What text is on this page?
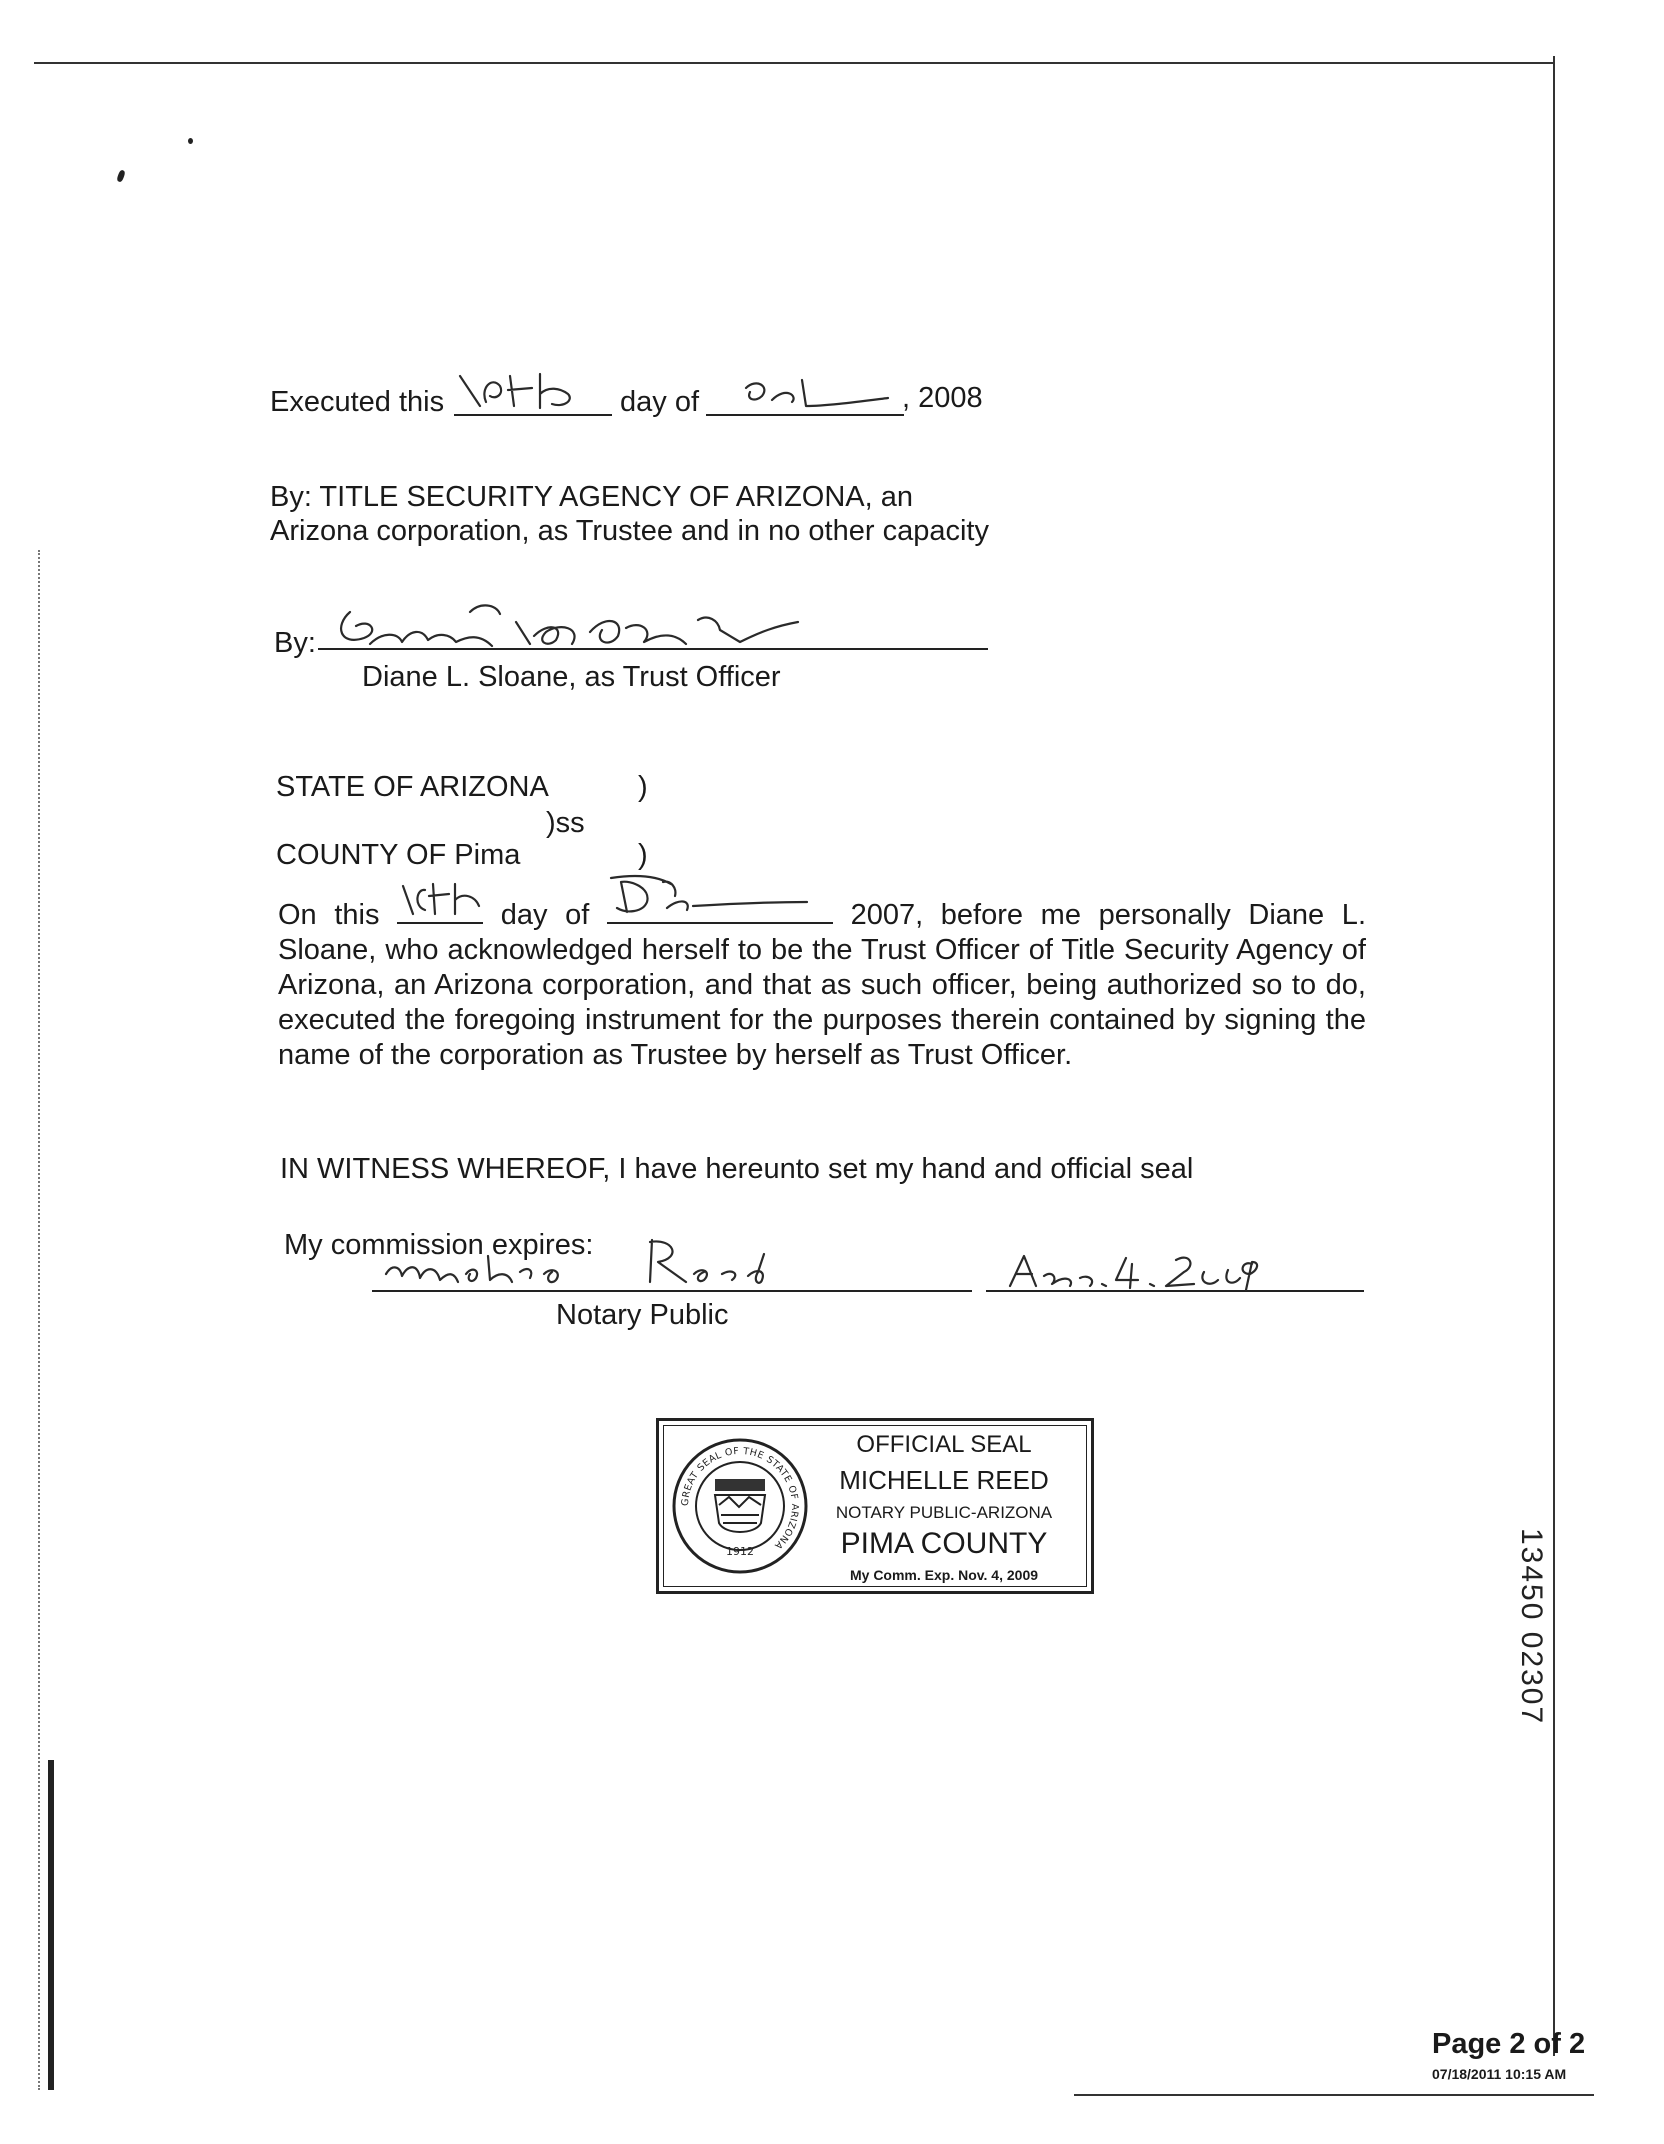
Executed this	day of	, 2008
By: TITLE SECURITY AGENCY OF ARIZONA, an
Arizona corporation, as Trustee and in no other capacity
By:
Diane L. Sloane, as Trust Officer
STATE OF ARIZONA	)
)ss
COUNTY OF Pima	)
On this	day of	2007, before me personally Diane L. Sloane, who acknowledged herself to be the Trust Officer of Title Security Agency of Arizona, an Arizona corporation, and that as such officer, being authorized so to do, executed the foregoing instrument for the purposes therein contained by signing the name of the corporation as Trustee by herself as Trust Officer.
IN WITNESS WHEREOF, I have hereunto set my hand and official seal
My commission expires:
Notary Public
GREAT SEAL OF THE STATE OF ARIZONA
1912
OFFICIAL SEAL
MICHELLE REED
NOTARY PUBLIC-ARIZONA
PIMA COUNTY
My Comm. Exp. Nov. 4, 2009	13450 02307
Page 2 of 2
07/18/2011 10:15 AM
